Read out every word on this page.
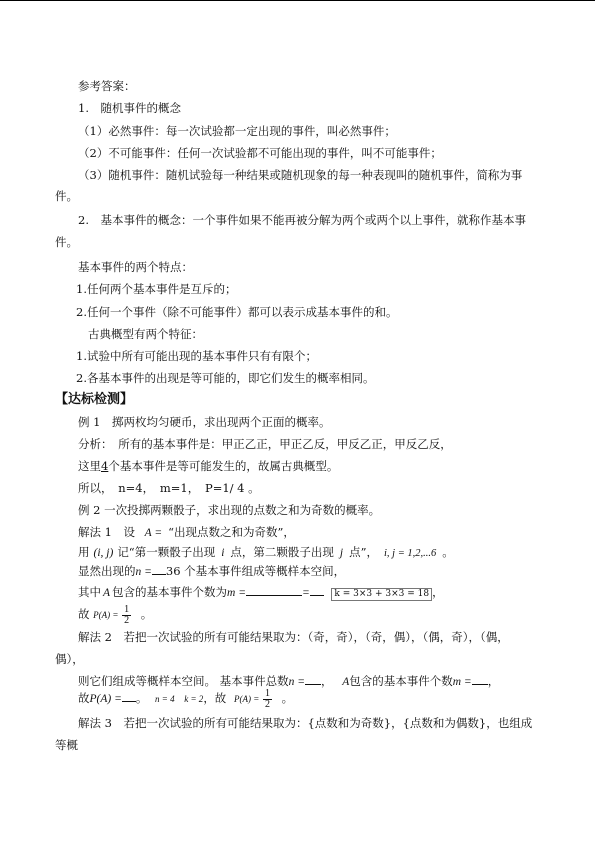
参考答案：
1.　随机事件的概念
（1）必然事件：每一次试验都一定出现的事件，叫必然事件；
（2）不可能事件：任何一次试验都不可能出现的事件，叫不可能事件；
（3）随机事件：随机试验每一种结果或随机现象的每一种表现叫的随机事件，简称为事
件。
2.　基本事件的概念：一个事件如果不能再被分解为两个或两个以上事件，就称作基本事
件。
基本事件的两个特点：
1.任何两个基本事件是互斥的；
2.任何一个事件（除不可能事件）都可以表示成基本事件的和。
古典概型有两个特征：
1.试验中所有可能出现的基本事件只有有限个；
2.各基本事件的出现是等可能的，即它们发生的概率相同。
【达标检测】
例 1　掷两枚均匀硬币，求出现两个正面的概率。
分析：　所有的基本事件是：甲正乙正，甲正乙反，甲反乙正，甲反乙反，
这里4个基本事件是等可能发生的，故属古典概型。
所以，　n=4，　m=1，　P=1/ 4 。
例 2 一次投掷两颗骰子，求出现的点数之和为奇数的概率。
解法 1　设 A = “出现点数之和为奇数”，
用 (i, j) 记“第一颗骰子出现 i 点，第二颗骰子出现 j 点”， i, j = 1,2,...6 。
显然出现的n = 36 个基本事件组成等概样本空间，
其中 A 包含的基本事件个数为m =	=	k = 3×3 + 3×3 = 18 ，
故 $P(A) = \frac{1}{2}$ 。
解法 2　若把一次试验的所有可能结果取为：（奇，奇），（奇，偶），（偶，奇），（偶，
偶），
则它们组成等概样本空间。 基本事件总数n = ， A包含的基本事件个数m = ，
故P(A) = 。 n = 4 k = 2，故 $P(A) = \frac{1}{2}$ 。
解法 3　若把一次试验的所有可能结果取为：{点数和为奇数}，{点数和为偶数}，也组成
等概
